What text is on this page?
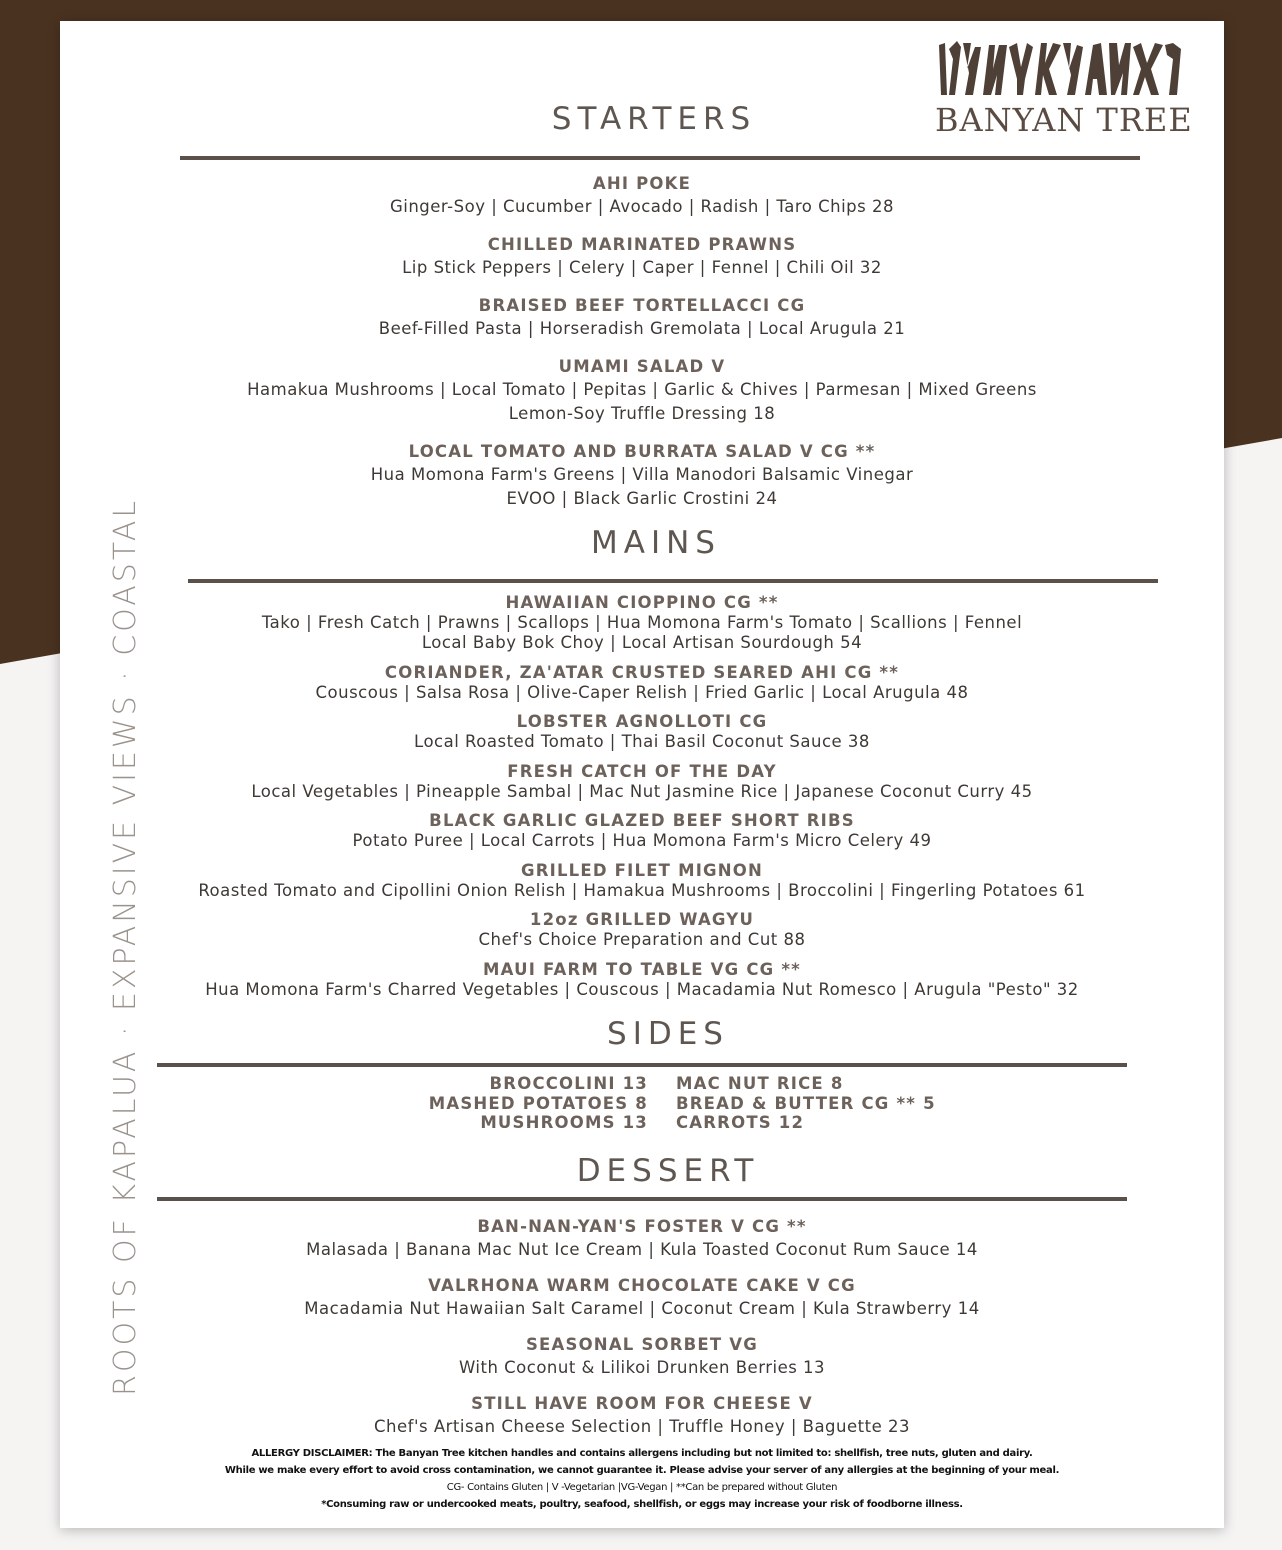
BANYAN TREE
ROOTS OF KAPALUA · EXPANSIVE VIEWS · COASTAL
STARTERS
AHI POKE
Ginger-Soy | Cucumber | Avocado | Radish | Taro Chips 28
CHILLED MARINATED PRAWNS
Lip Stick Peppers | Celery | Caper | Fennel | Chili Oil 32
BRAISED BEEF TORTELLACCI CG
Beef-Filled Pasta | Horseradish Gremolata | Local Arugula 21
UMAMI SALAD V
Hamakua Mushrooms | Local Tomato | Pepitas | Garlic & Chives | Parmesan | Mixed Greens
Lemon-Soy Truffle Dressing 18
LOCAL TOMATO AND BURRATA SALAD V CG **
Hua Momona Farm's Greens | Villa Manodori Balsamic Vinegar
EVOO | Black Garlic Crostini 24
MAINS
HAWAIIAN CIOPPINO CG **
Tako | Fresh Catch | Prawns | Scallops | Hua Momona Farm's Tomato | Scallions | Fennel
Local Baby Bok Choy | Local Artisan Sourdough 54
CORIANDER, ZA'ATAR CRUSTED SEARED AHI CG **
Couscous | Salsa Rosa | Olive-Caper Relish | Fried Garlic | Local Arugula 48
LOBSTER AGNOLLOTI CG
Local Roasted Tomato | Thai Basil Coconut Sauce 38
FRESH CATCH OF THE DAY
Local Vegetables | Pineapple Sambal | Mac Nut Jasmine Rice | Japanese Coconut Curry 45
BLACK GARLIC GLAZED BEEF SHORT RIBS
Potato Puree | Local Carrots | Hua Momona Farm's Micro Celery 49
GRILLED FILET MIGNON
Roasted Tomato and Cipollini Onion Relish | Hamakua Mushrooms | Broccolini | Fingerling Potatoes 61
12oz GRILLED WAGYU
Chef's Choice Preparation and Cut 88
MAUI FARM TO TABLE VG CG **
Hua Momona Farm's Charred Vegetables | Couscous | Macadamia Nut Romesco | Arugula "Pesto" 32
SIDES
BROCCOLINI 13
MASHED POTATOES 8
MUSHROOMS 13
MAC NUT RICE 8
BREAD & BUTTER CG ** 5
CARROTS 12
DESSERT
BAN-NAN-YAN'S FOSTER V CG **
Malasada | Banana Mac Nut Ice Cream | Kula Toasted Coconut Rum Sauce 14
VALRHONA WARM CHOCOLATE CAKE V CG
Macadamia Nut Hawaiian Salt Caramel | Coconut Cream | Kula Strawberry 14
SEASONAL SORBET VG
With Coconut & Lilikoi Drunken Berries 13
STILL HAVE ROOM FOR CHEESE V
Chef's Artisan Cheese Selection | Truffle Honey | Baguette 23
ALLERGY DISCLAIMER: The Banyan Tree kitchen handles and contains allergens including but not limited to: shellfish, tree nuts, gluten and dairy.
While we make every effort to avoid cross contamination, we cannot guarantee it. Please advise your server of any allergies at the beginning of your meal.
CG- Contains Gluten | V -Vegetarian |VG-Vegan | **Can be prepared without Gluten
*Consuming raw or undercooked meats, poultry, seafood, shellfish, or eggs may increase your risk of foodborne illness.
